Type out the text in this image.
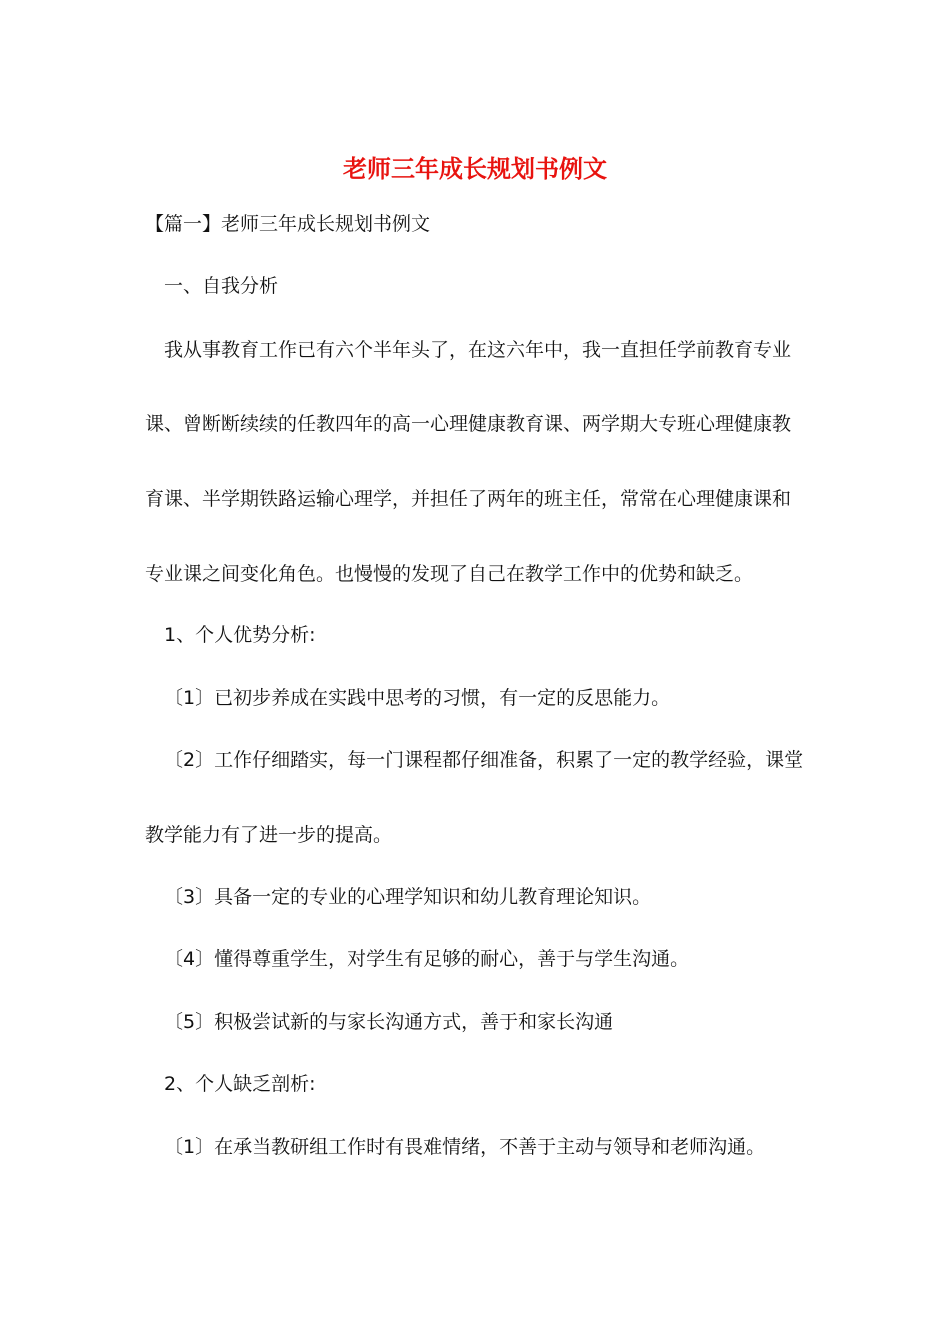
老师三年成长规划书例文

【篇一】老师三年成长规划书例文

一、自我分析

我从事教育工作已有六个半年头了，在这六年中，我一直担任学前教育专业

课、曾断断续续的任教四年的高一心理健康教育课、两学期大专班心理健康教

育课、半学期铁路运输心理学，并担任了两年的班主任，常常在心理健康课和

专业课之间变化角色。也慢慢的发现了自己在教学工作中的优势和缺乏。

1、个人优势分析:

〔1〕已初步养成在实践中思考的习惯，有一定的反思能力。

〔2〕工作仔细踏实，每一门课程都仔细准备，积累了一定的教学经验，课堂

教学能力有了进一步的提高。

〔3〕具备一定的专业的心理学知识和幼儿教育理论知识。

〔4〕懂得尊重学生，对学生有足够的耐心，善于与学生沟通。

〔5〕积极尝试新的与家长沟通方式，善于和家长沟通

2、个人缺乏剖析:

〔1〕在承当教研组工作时有畏难情绪，不善于主动与领导和老师沟通。
